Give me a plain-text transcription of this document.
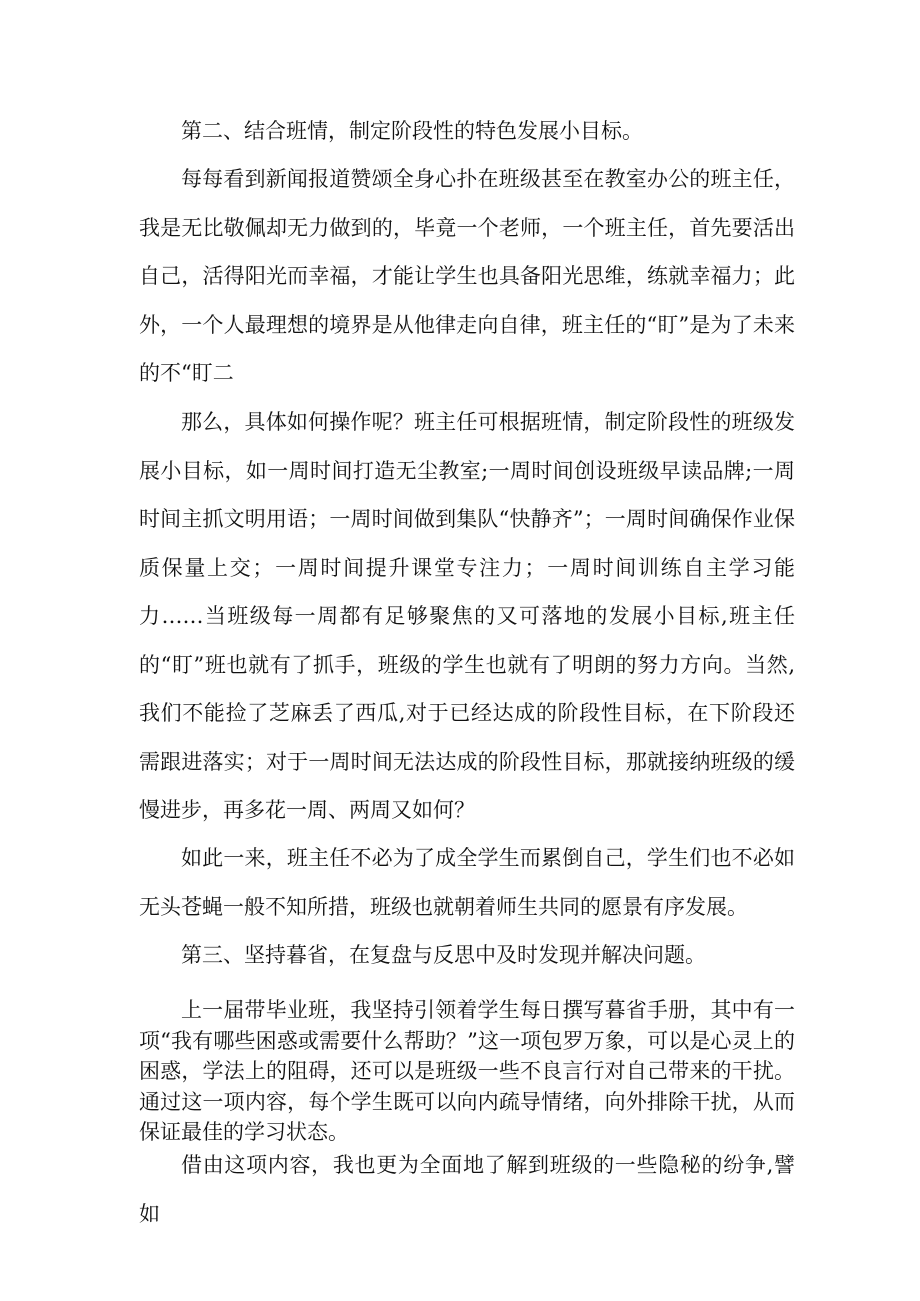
第二、结合班情，制定阶段性的特色发展小目标。

每每看到新闻报道赞颂全身心扑在班级甚至在教室办公的班主任，我是无比敬佩却无力做到的，毕竟一个老师，一个班主任，首先要活出自己，活得阳光而幸福，才能让学生也具备阳光思维，练就幸福力；此外，一个人最理想的境界是从他律走向自律，班主任的“盯”是为了未来的不“盯二

那么，具体如何操作呢？班主任可根据班情，制定阶段性的班级发展小目标，如一周时间打造无尘教室;一周时间创设班级早读品牌;一周时间主抓文明用语；一周时间做到集队“快静齐”；一周时间确保作业保质保量上交；一周时间提升课堂专注力；一周时间训练自主学习能力……当班级每一周都有足够聚焦的又可落地的发展小目标,班主任的“盯”班也就有了抓手，班级的学生也就有了明朗的努力方向。当然,我们不能捡了芝麻丢了西瓜,对于已经达成的阶段性目标，在下阶段还需跟进落实；对于一周时间无法达成的阶段性目标，那就接纳班级的缓慢进步，再多花一周、两周又如何？

如此一来，班主任不必为了成全学生而累倒自己，学生们也不必如无头苍蝇一般不知所措，班级也就朝着师生共同的愿景有序发展。

第三、坚持暮省，在复盘与反思中及时发现并解决问题。

上一届带毕业班，我坚持引领着学生每日撰写暮省手册，其中有一项“我有哪些困惑或需要什么帮助？”这一项包罗万象，可以是心灵上的困惑，学法上的阻碍，还可以是班级一些不良言行对自己带来的干扰。通过这一项内容，每个学生既可以向内疏导情绪，向外排除干扰，从而保证最佳的学习状态。

借由这项内容，我也更为全面地了解到班级的一些隐秘的纷争,譬如
